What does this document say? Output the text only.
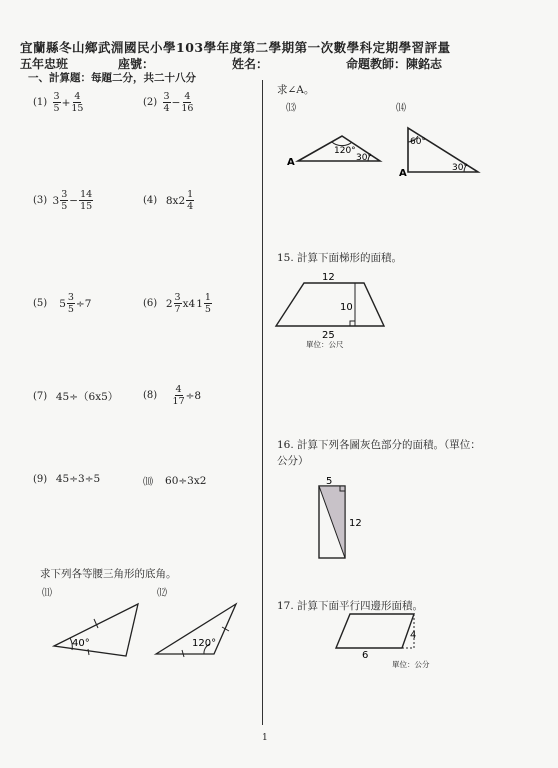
宜蘭縣冬山鄉武淵國民小學103學年度第二學期第一次數學科定期學習評量
五年忠班	座號：	姓名：	命題教師：陳銘志
一、計算題：每題二分，共二十八分
(1)
$\frac{3}{5} + \frac{4}{15}$	(2)
$\frac{3}{4} - \frac{4}{16}$
(3)
$3 \frac{3}{5} - \frac{14}{15}$	(4)
$8x2 \frac{1}{4}$
(5)
$5 \frac{3}{5} \div 7$	(6)
$2 \frac{3}{7} x4$ $1 \frac{1}{5}$
(7)
45÷（6x5） (8)
$\frac{4}{17} \div 8$
(9)
45÷3÷5	⑽
60÷3x2
求下列各等腰三角形的底角。
⑾	⑿
40°	120°
求∠A。
⒀	⒁
A
120°
30°
60°
30°
A
15. 計算下面梯形的面積。
12
10
25
單位：公尺
16. 計算下列各圖灰色部分的面積。（單位：
公分）
5
12
17. 計算下面平行四邊形面積。
4
6
單位：公分
1
